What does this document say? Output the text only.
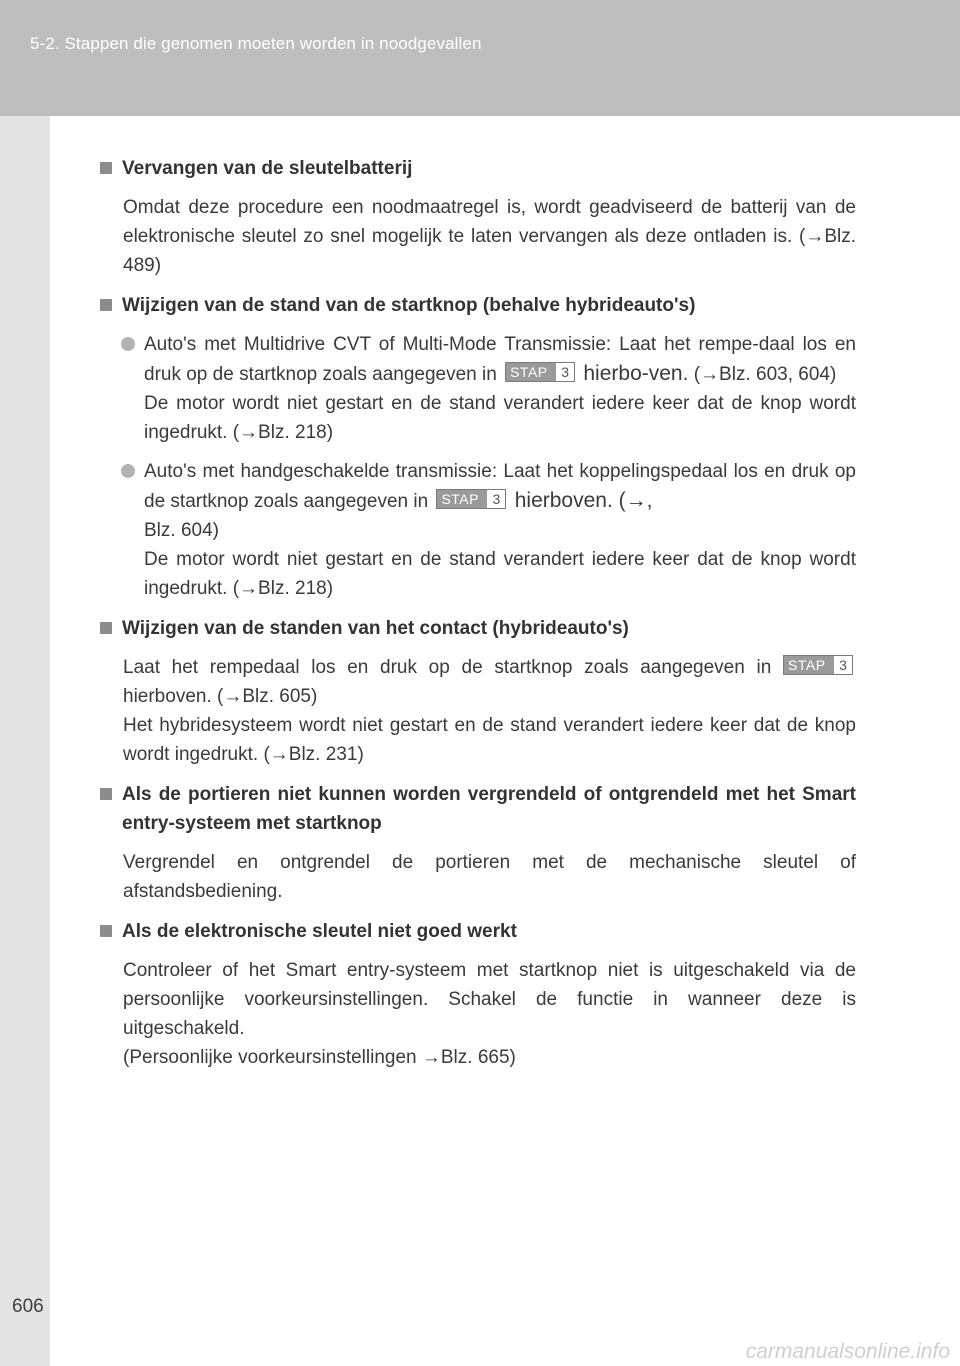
5-2. Stappen die genomen moeten worden in noodgevallen
Vervangen van de sleutelbatterij
Omdat deze procedure een noodmaatregel is, wordt geadviseerd de batterij van de elektronische sleutel zo snel mogelijk te laten vervangen als deze ontladen is. (→Blz. 489)
Wijzigen van de stand van de startknop (behalve hybrideauto's)
Auto's met Multidrive CVT of Multi-Mode Transmissie: Laat het rempe-daal los en druk op de startknop zoals aangegeven in STAP 3 hierbo-ven. (→Blz. 603, 604)
De motor wordt niet gestart en de stand verandert iedere keer dat de knop wordt ingedrukt. (→Blz. 218)
Auto's met handgeschakelde transmissie: Laat het koppelingspedaal los en druk op de startknop zoals aangegeven in STAP 3 hierboven. (→,
Blz. 604)
De motor wordt niet gestart en de stand verandert iedere keer dat de knop wordt ingedrukt. (→Blz. 218)
Wijzigen van de standen van het contact (hybrideauto's)
Laat het rempedaal los en druk op de startknop zoals aangegeven in STAP 3
hierboven. (→Blz. 605)
Het hybridesysteem wordt niet gestart en de stand verandert iedere keer dat de knop wordt ingedrukt. (→Blz. 231)
Als de portieren niet kunnen worden vergrendeld of ontgrendeld met het Smart entry-systeem met startknop
Vergrendel en ontgrendel de portieren met de mechanische sleutel of afstandsbediening.
Als de elektronische sleutel niet goed werkt
Controleer of het Smart entry-systeem met startknop niet is uitgeschakeld via de persoonlijke voorkeursinstellingen. Schakel de functie in wanneer deze is uitgeschakeld.
(Persoonlijke voorkeursinstellingen →Blz. 665)
606
carmanualsonline.info
